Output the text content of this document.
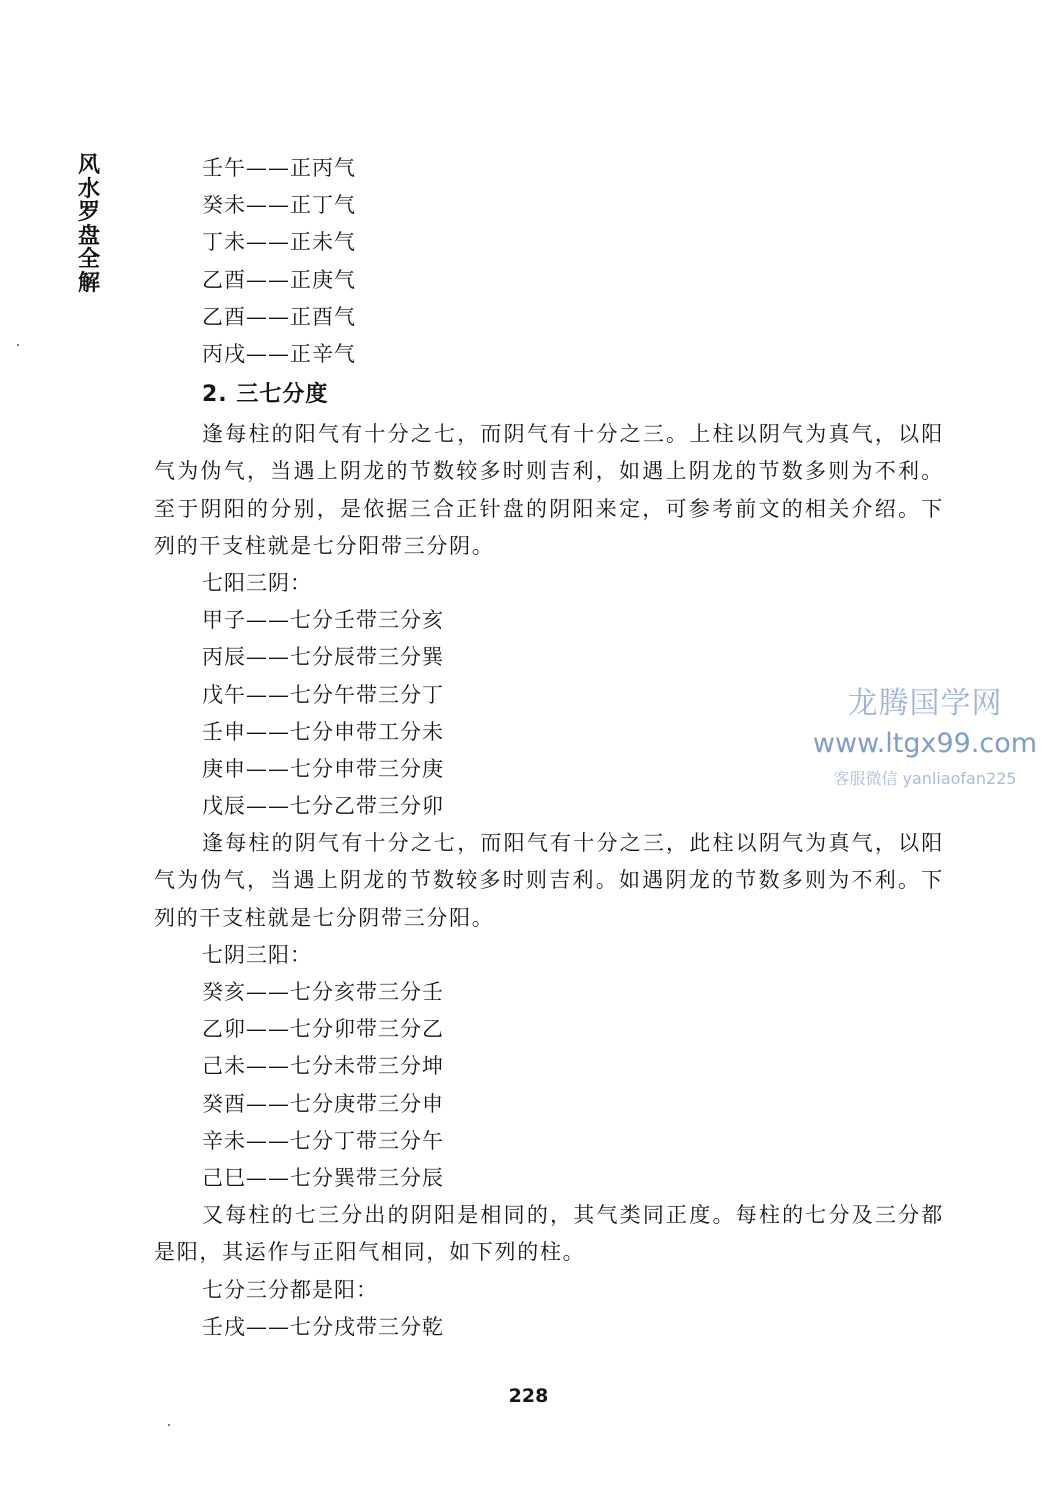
风水罗盘全解
壬午——正丙气
癸未——正丁气
丁未——正未气
乙酉——正庚气
乙酉——正酉气
丙戌——正辛气
2. 三七分度

逢每柱的阳气有十分之七，而阴气有十分之三。上柱以阴气为真气，以阳气为伪气，当遇上阴龙的节数较多时则吉利，如遇上阴龙的节数多则为不利。至于阴阳的分别，是依据三合正针盘的阴阳来定，可参考前文的相关介绍。下列的干支柱就是七分阳带三分阴。

七阳三阴：
甲子——七分壬带三分亥
丙辰——七分辰带三分巽
戊午——七分午带三分丁
壬申——七分申带工分未
庚申——七分申带三分庚
戊辰——七分乙带三分卯

逢每柱的阴气有十分之七，而阳气有十分之三，此柱以阴气为真气，以阳气为伪气，当遇上阴龙的节数较多时则吉利。如遇阴龙的节数多则为不利。下列的干支柱就是七分阴带三分阳。

七阴三阳：
癸亥——七分亥带三分壬
乙卯——七分卯带三分乙
己未——七分未带三分坤
癸酉——七分庚带三分申
辛未——七分丁带三分午
己巳——七分巽带三分辰

又每柱的七三分出的阴阳是相同的，其气类同正度。每柱的七分及三分都是阳，其运作与正阳气相同，如下列的柱。

七分三分都是阳：
壬戌——七分戌带三分乾
龙腾国学网
www.ltgx99.com
客服微信 yanliaofan225
228
